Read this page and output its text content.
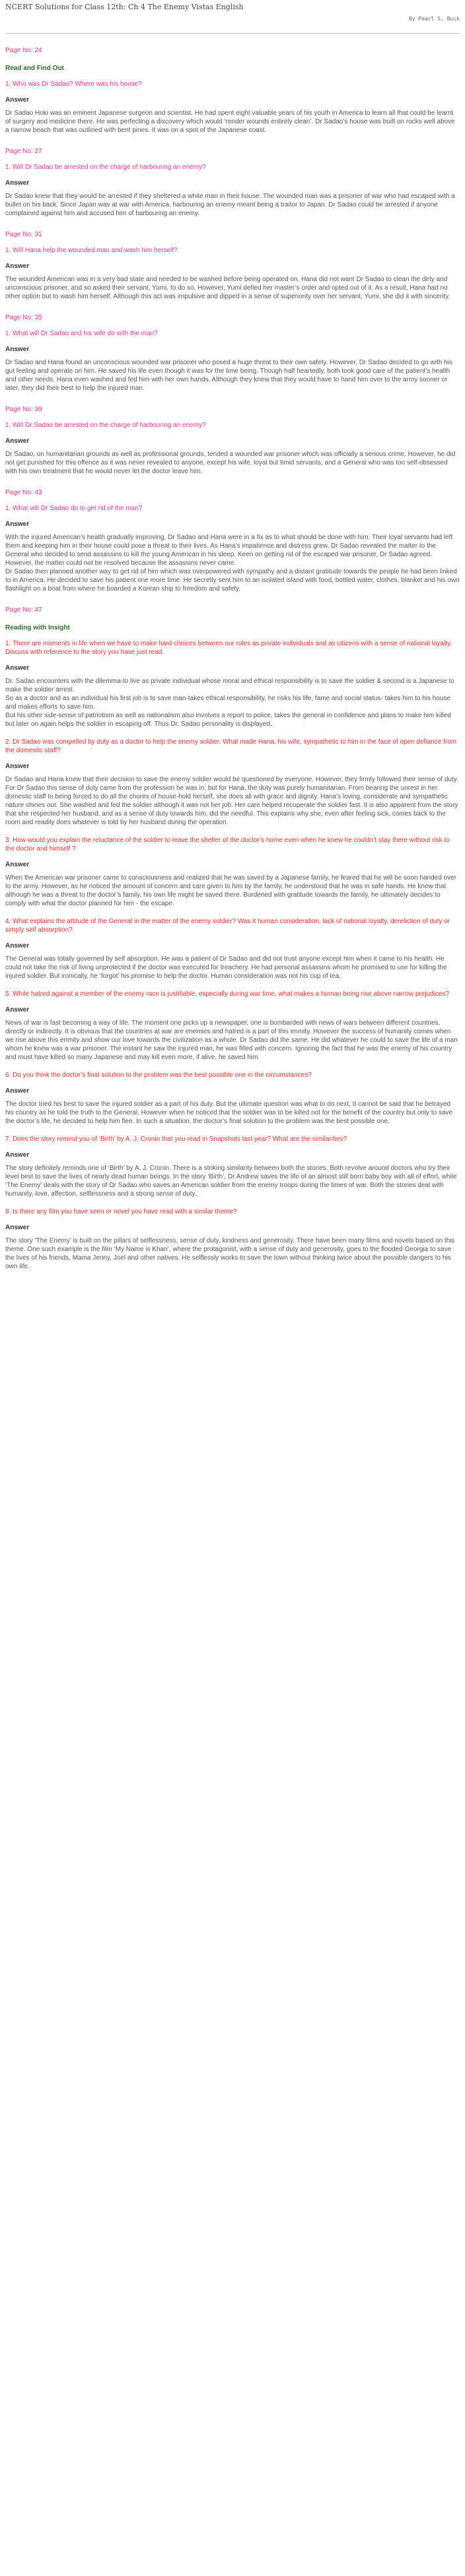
NCERT Solutions for Class 12th: Ch 4 The Enemy Vistas English
By Pearl S. Buck
Page No: 24
Read and Find Out
1. Who was Dr Sadao? Where was his house?
Answer

Dr Sadao Hoki was an eminent Japanese surgeon and scientist. He had spent eight valuable years of his youth in America to learn all that could be learnt of surgery and medicine there. He was perfecting a discovery which would ‘render wounds entirely clean’. Dr Sadao’s house was built on rocks well above a narrow beach that was outlined with bent pines. It was on a spot of the Japanese coast.

Page No: 27
1. Will Dr Sadao be arrested on the charge of harbouring an enemy?
Answer

Dr Sadao knew that they would be arrested if they sheltered a white man in their house. The wounded man was a prisoner of war who had escaped with a bullet on his back. Since Japan was at war with America, harbouring an enemy meant being a traitor to Japan. Dr Sadao could be arrested if anyone complained against him and accused him of harbouring an enemy.

Page No: 31
1. Will Hana help the wounded man and wash him herself?
Answer

The wounded American was in a very bad state and needed to be washed before being operated on. Hana did not want Dr Sadao to clean the dirty and unconscious prisoner, and so asked their servant, Yumi, to do so. However, Yumi defied her master’s order and opted out of it. As a result, Hana had no other option but to wash him herself. Although this act was impulsive and dipped in a sense of superiority over her servant, Yumi, she did it with sincerity.

Page No: 35
1. What will Dr Sadao and his wife do with the man?
Answer

Dr Sadao and Hana found an unconscious wounded war prisoner who posed a huge threat to their own safety. However, Dr Sadao decided to go with his gut feeling and operate on him. He saved his life even though it was for the time being. Though half heartedly, both took good care of the patient’s health and other needs. Hana even washed and fed him with her own hands. Although they knew that they would have to hand him over to the army sooner or later, they did their best to help the injured man.

Page No: 39
1. Will Dr Sadao be arrested on the charge of harbouring an enemy?
Answer

Dr Sadao, on humanitarian grounds as well as professional grounds, tended a wounded war prisoner which was officially a serious crime. However, he did not get punished for this offence as it was never revealed to anyone, except his wife, loyal but timid servants, and a General who was too self-obsessed with his own treatment that he would never let the doctor leave him.

Page No: 43
1. What will Dr Sadao do to get rid of the man?
Answer

With the injured American’s health gradually improving, Dr Sadao and Hana were in a fix as to what should be done with him. Their loyal servants had left them and keeping him in their house could pose a threat to their lives. As Hana’s impatience and distress grew, Dr Sadao revealed the matter to the General who decided to send assassins to kill the young American in his sleep. Keen on getting rid of the escaped war prisoner, Dr Sadao agreed. However, the matter could not be resolved because the assassins never came.

Dr Sadao then planned another way to get rid of him which was overpowered with sympathy and a distant gratitude towards the people he had been linked to in America. He decided to save his patient one more time. He secretly sent him to an isolated island with food, bottled water, clothes, blanket and his own flashlight on a boat from where he boarded a Korean ship to freedom and safety.

Page No: 47
Reading with Insight
1. There are moments in life when we have to make hard choices between our roles as private individuals and as citizens with a sense of national loyalty. Discuss with reference to the story you have just read.
Answer

Dr. Sadao encounters with the dilemma-to live as private individual whose moral and ethical responsibility is to save the soldier & second is a Japanese to make the soldier arrest.

So as a doctor and as an individual his first job is to save man-takes ethical responsibility, he risks his life, fame and social status- takes him to his house and makes efforts to save him.

But his other side-sense of patriotism as well as nationalism also involves a report to police, takes the general in confidence and plans to make him killed but later on again helps the soldier in escaping off. Thus Dr. Sadao personality is displayed.

2. Dr Sadao was compelled by duty as a doctor to help the enemy soldier. What made Hana, his wife, sympathetic to him in the face of open defiance from the domestic staff?
Answer

Dr Sadao and Hana knew that their decision to save the enemy soldier would be questioned by everyone. However, they firmly followed their sense of duty. For Dr Sadao this sense of duty came from the profession he was in; but for Hana, the duty was purely humanitarian. From bearing the unrest in her domestic staff to being forced to do all the chores of house-hold herself, she does all with grace and dignity. Hana’s loving, considerate and sympathetic nature shines out. She washed and fed the soldier although it was not her job. Her care helped recuperate the soldier fast. It is also apparent from the story that she respected her husband, and as a sense of duty towards him, did the needful. This explains why she, even after feeling sick, comes back to the room and readily does whatever is told by her husband during the operation.

3. How would you explain the reluctance of the soldier to leave the shelter of the doctor’s home even when he knew he couldn’t stay there without risk to the doctor and himself ?
Answer

When the American war prisoner came to consciousness and realized that he was saved by a Japanese family, he feared that he will be soon handed over to the army. However, as he noticed the amount of concern and care given to him by the family, he understood that he was in safe hands. He knew that although he was a threat to the doctor’s family, his own life might be saved there. Burdened with gratitude towards the family, he ultimately decides to comply with what the doctor planned for him - the escape.

4. What explains the attitude of the General in the matter of the enemy soldier? Was it human consideration, lack of national loyalty, dereliction of duty or simply self absorption?
Answer

The General was totally governed by self absorption. He was a patient of Dr Sadao and did not trust anyone except him when it came to his health. He could not take the risk of living unprotected if the doctor was executed for treachery. He had personal assassins whom he promised to use for killing the injured soldier. But ironically, he ‘forgot’ his promise to help the doctor. Human consideration was not his cup of tea.

5. While hatred against a member of the enemy race is justifiable, especially during war time, what makes a human being rise above narrow prejudices?
Answer

News of war is fast becoming a way of life. The moment one picks up a newspaper, one is bombarded with news of wars between different countries, directly or indirectly. It is obvious that the countries at war are enemies and hatred is a part of this enmity. However the success of humanity comes when we rise above this enmity and show our love towards the civilization as a whole. Dr Sadao did the same. He did whatever he could to save the life of a man whom he knew was a war prisoner. The instant he saw the injured man, he was filled with concern. Ignoring the fact that he was the enemy of his country and must have killed so many Japanese and may kill even more, if alive, he saved him.

6. Do you think the doctor’s final solution to the problem was the best possible one in the circumstances?
Answer

The doctor tried his best to save the injured soldier as a part of his duty. But the ultimate question was what to do next. It cannot be said that he betrayed his country as he told the truth to the General. However when he noticed that the soldier was to be killed not for the benefit of the country but only to save the doctor’s life, he decided to help him flee. In such a situation, the doctor’s final solution to the problem was the best possible one.

7. Does the story remind you of ‘Birth’ by A. J. Cronin that you read in Snapshots last year? What are the similarities?
Answer

The story definitely reminds one of ‘Birth’ by A. J. Cronin. There is a striking similarity between both the stories. Both revolve around doctors who try their level best to save the lives of nearly dead human beings. In the story ‘Birth’, Dr Andrew saves the life of an almost still born baby boy with all of effort, while ‘The Enemy’ deals with the story of Dr Sadao who saves an American soldier from the enemy troops during the times of war. Both the stories deal with humanity, love, affection, selflessness and a strong sense of duty.

8. Is there any film you have seen or novel you have read with a similar theme?
Answer

The story ‘The Enemy’ is built on the pillars of selflessness, sense of duty, kindness and generosity. There have been many films and novels based on this theme. One such example is the film ‘My Name is Khan’, where the protagonist, with a sense of duty and generosity, goes to the flooded Georgia to save the lives of his friends, Mama Jenny, Joel and other natives. He selflessly works to save the town without thinking twice about the possible dangers to his own life.
